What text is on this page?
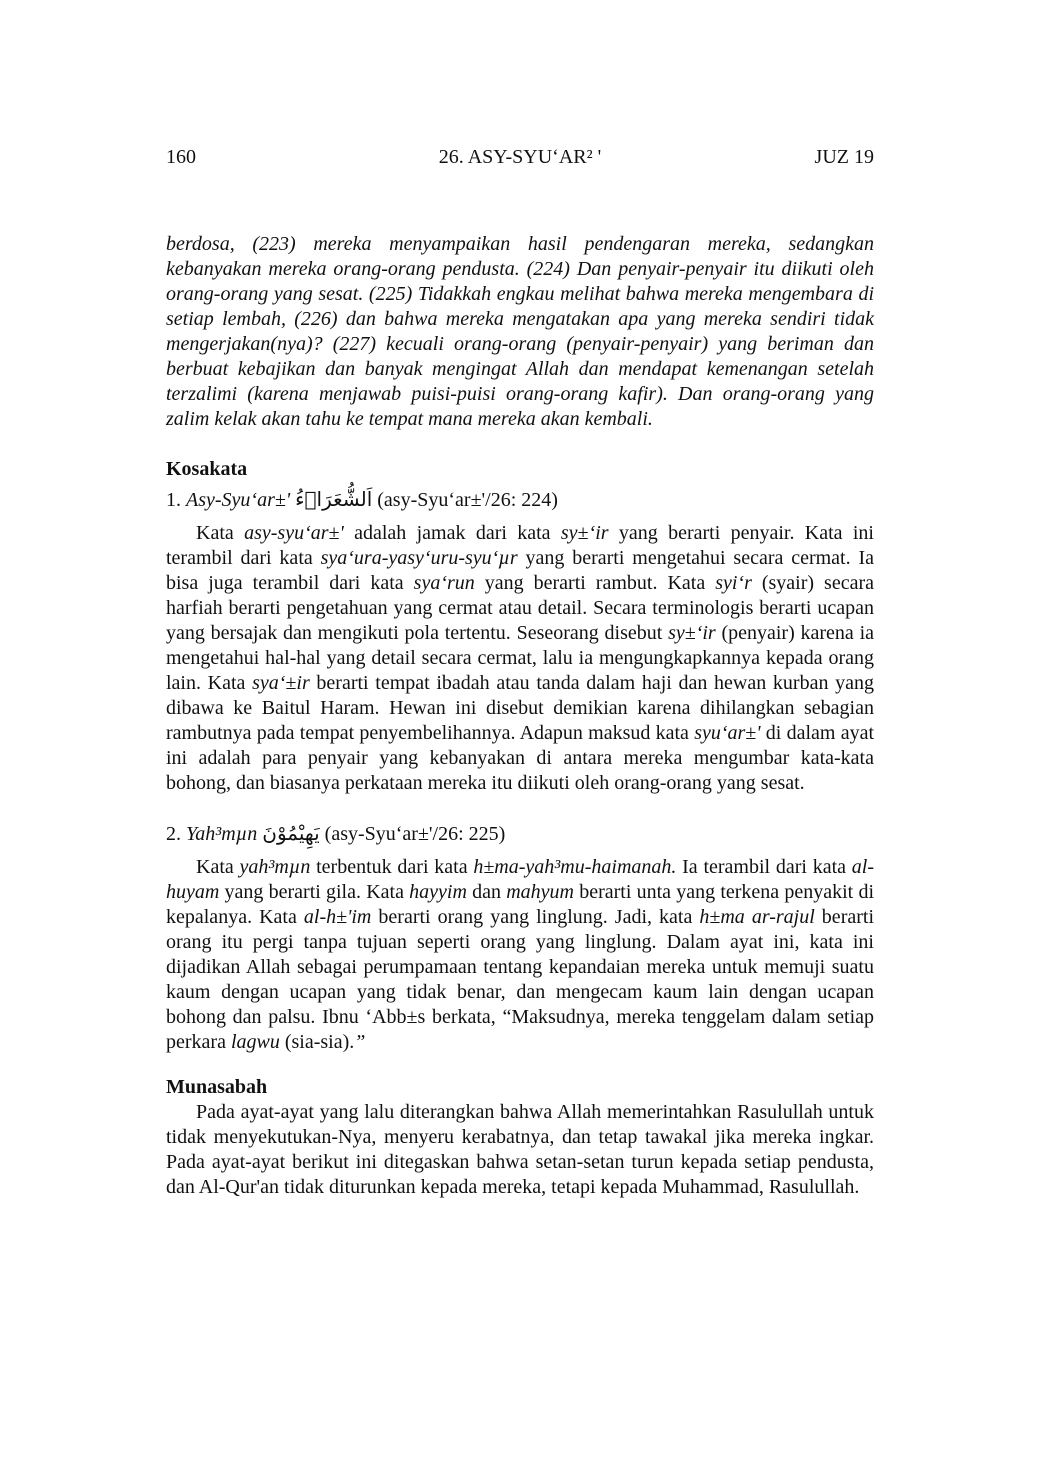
160	26. ASY-SYU‘AR² '	JUZ 19

berdosa, (223) mereka menyampaikan hasil pendengaran mereka, sedangkan kebanyakan mereka orang-orang pendusta. (224) Dan penyair-penyair itu diikuti oleh orang-orang yang sesat. (225) Tidakkah engkau melihat bahwa mereka mengembara di setiap lembah, (226) dan bahwa mereka mengatakan apa yang mereka sendiri tidak mengerjakan(nya)? (227) kecuali orang-orang (penyair-penyair) yang beriman dan berbuat kebajikan dan banyak mengingat Allah dan mendapat kemenangan setelah terzalimi (karena menjawab puisi-puisi orang-orang kafir). Dan orang-orang yang zalim kelak akan tahu ke tempat mana mereka akan kembali.

Kosakata

1. Asy-Syu‘ar±' اَلشُّعَرَاۤءُ (asy-Syu‘ar±'/26: 224)

Kata asy-syu‘ar±' adalah jamak dari kata sy±‘ir yang berarti penyair. Kata ini terambil dari kata sya‘ura-yasy‘uru-syu‘µr yang berarti mengetahui secara cermat. Ia bisa juga terambil dari kata sya‘run yang berarti rambut. Kata syi‘r (syair) secara harfiah berarti pengetahuan yang cermat atau detail. Secara terminologis berarti ucapan yang bersajak dan mengikuti pola tertentu. Seseorang disebut sy±‘ir (penyair) karena ia mengetahui hal-hal yang detail secara cermat, lalu ia mengungkapkannya kepada orang lain. Kata sya‘±ir berarti tempat ibadah atau tanda dalam haji dan hewan kurban yang dibawa ke Baitul Haram. Hewan ini disebut demikian karena dihilangkan sebagian rambutnya pada tempat penyembelihannya. Adapun maksud kata syu‘ar±' di dalam ayat ini adalah para penyair yang kebanyakan di antara mereka mengumbar kata-kata bohong, dan biasanya perkataan mereka itu diikuti oleh orang-orang yang sesat.

2. Yah³mµn يَهِيْمُوْنَ (asy-Syu‘ar±'/26: 225)

Kata yah³mµn terbentuk dari kata h±ma-yah³mu-haimanah. Ia terambil dari kata al-huyam yang berarti gila. Kata hayyim dan mahyum berarti unta yang terkena penyakit di kepalanya. Kata al-h±'im berarti orang yang linglung. Jadi, kata h±ma ar-rajul berarti orang itu pergi tanpa tujuan seperti orang yang linglung. Dalam ayat ini, kata ini dijadikan Allah sebagai perumpamaan tentang kepandaian mereka untuk memuji suatu kaum dengan ucapan yang tidak benar, dan mengecam kaum lain dengan ucapan bohong dan palsu. Ibnu ‘Abb±s berkata, “Maksudnya, mereka tenggelam dalam setiap perkara lagwu (sia-sia).”

Munasabah

Pada ayat-ayat yang lalu diterangkan bahwa Allah memerintahkan Rasulullah untuk tidak menyekutukan-Nya, menyeru kerabatnya, dan tetap tawakal jika mereka ingkar. Pada ayat-ayat berikut ini ditegaskan bahwa setan-setan turun kepada setiap pendusta, dan Al-Qur'an tidak diturunkan kepada mereka, tetapi kepada Muhammad, Rasulullah.
